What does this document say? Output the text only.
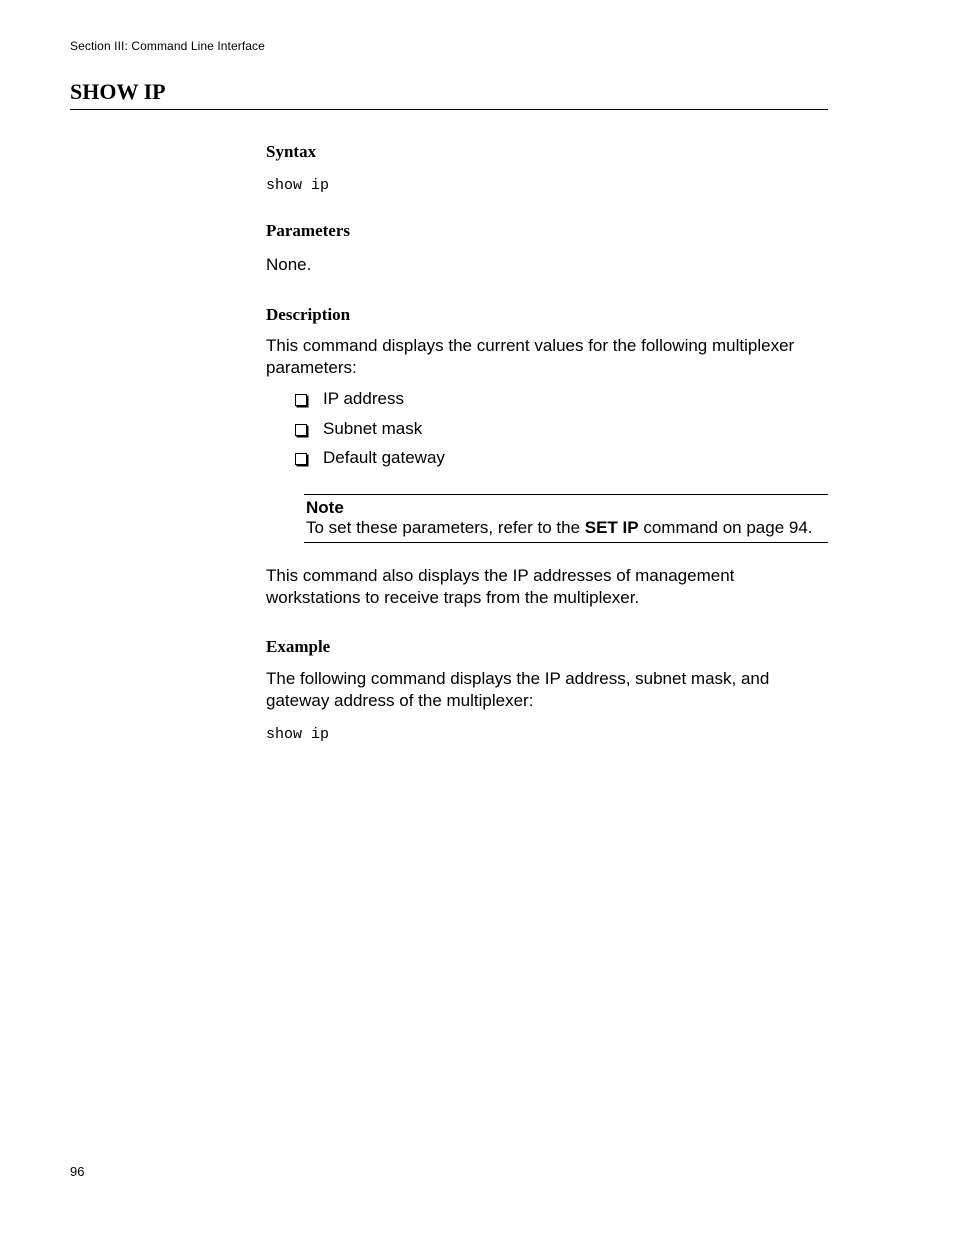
Section III: Command Line Interface
SHOW IP
Syntax
show ip
Parameters

None.

Description

This command displays the current values for the following multiplexer parameters:

IP address
Subnet mask
Default gateway
Note
To set these parameters, refer to the SET IP command on page 94.

This command also displays the IP addresses of management workstations to receive traps from the multiplexer.

Example

The following command displays the IP address, subnet mask, and gateway address of the multiplexer:

show ip
96
